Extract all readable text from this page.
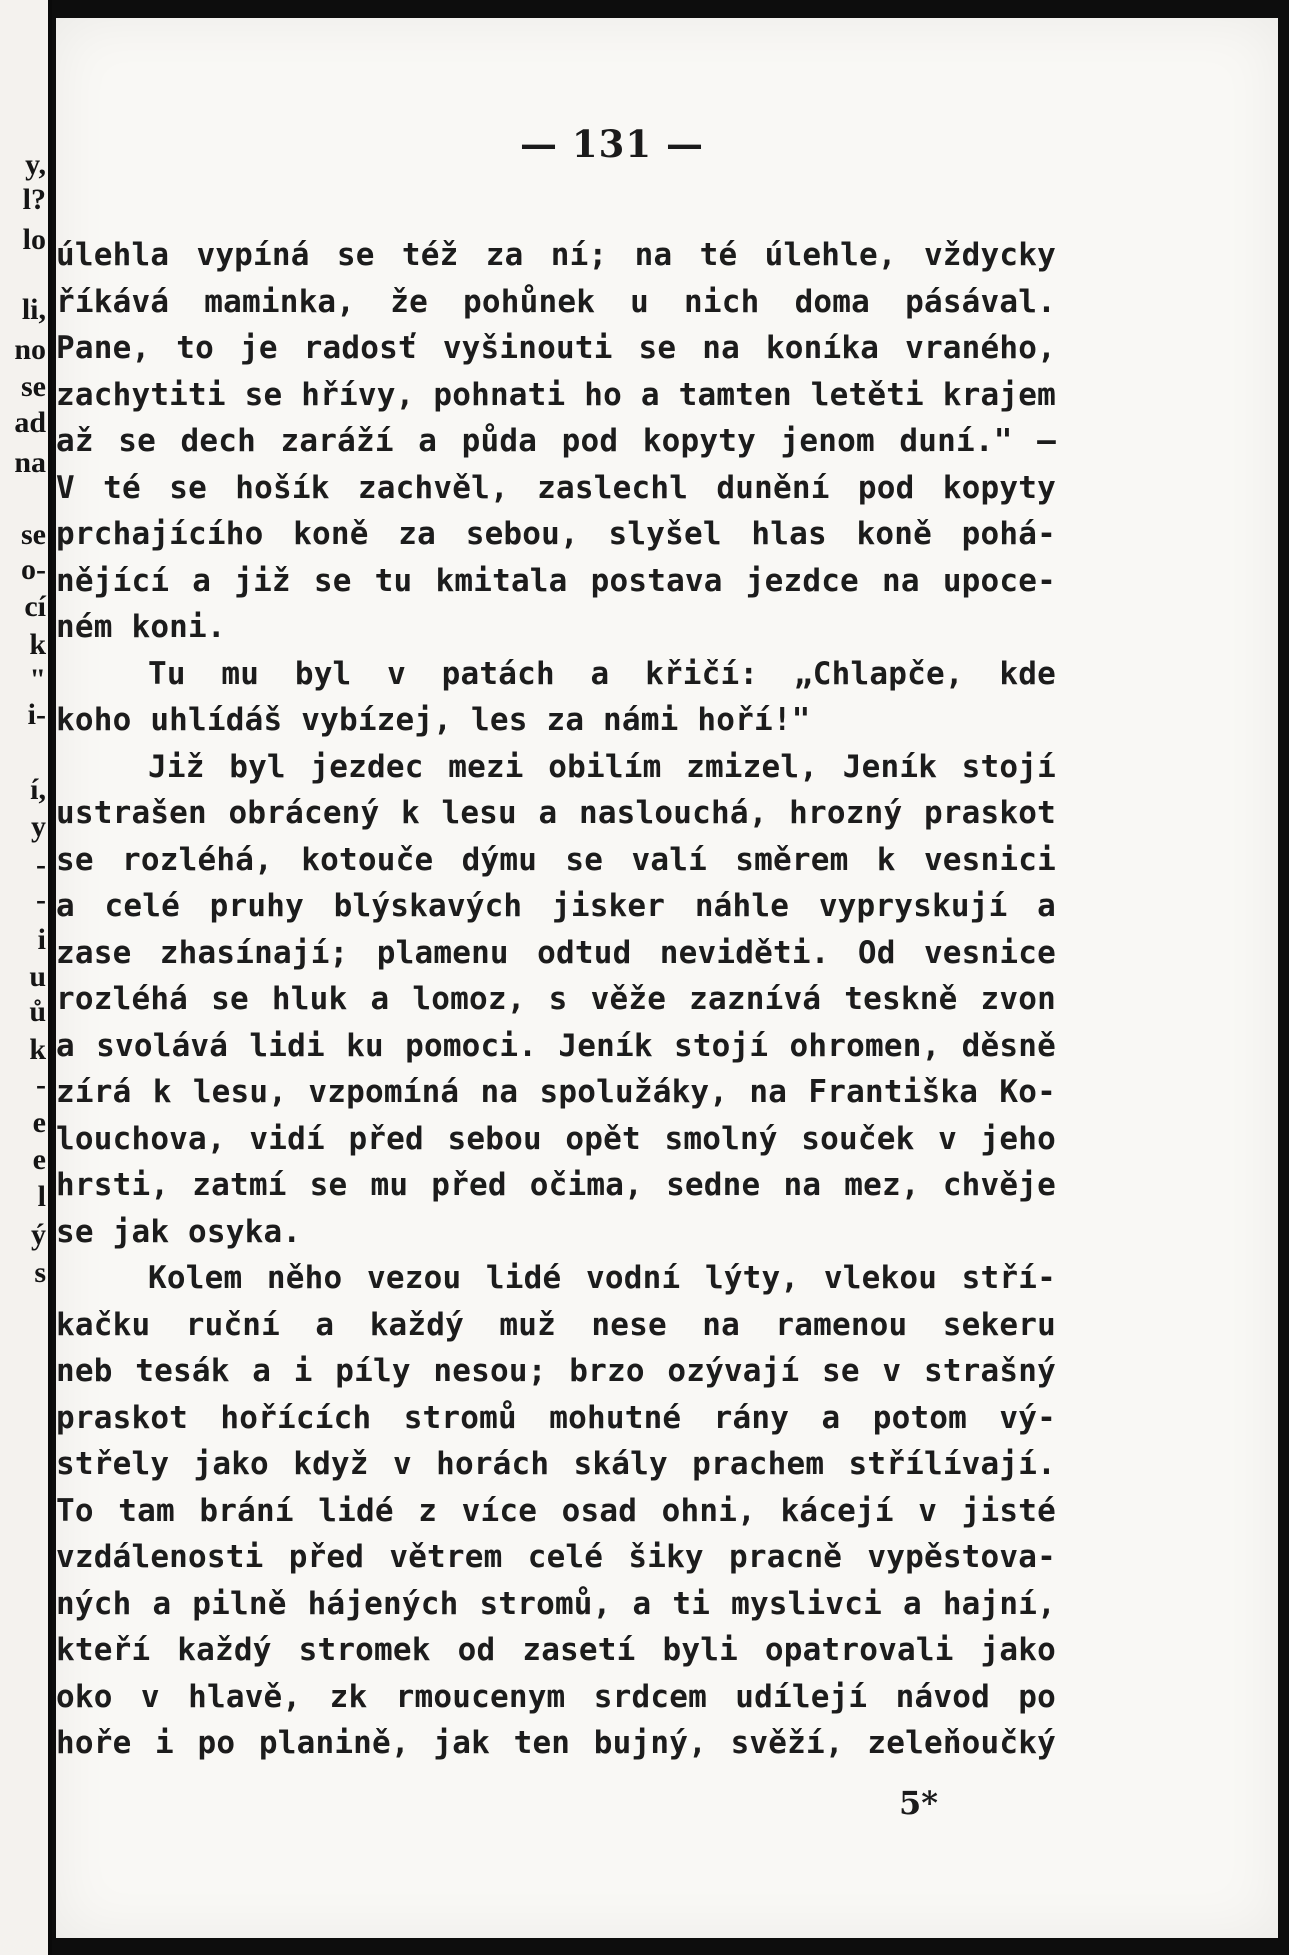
y,
l?
lo
li,
no
se
ad
na
se
o-
cí
k
"
i-
í,
y
-
-
i
u
ů
k
-
e
e
l
ý
s
— 131 —
úlehla vypíná se též za ní; na té úlehle, vždycky
říkává maminka, že pohůnek u nich doma pásával.
Pane, to je radosť vyšinouti se na koníka vraného,
zachytiti se hřívy, pohnati ho a tamten letěti krajem
až se dech zaráží a půda pod kopyty jenom duní." —
V té se hošík zachvěl, zaslechl dunění pod kopyty
prchajícího koně za sebou, slyšel hlas koně pohá-
nějící a již se tu kmitala postava jezdce na upoce-
ném koni.
Tu mu byl v patách a křičí: „Chlapče, kde
koho uhlídáš vybízej, les za námi hoří!"
Již byl jezdec mezi obilím zmizel, Jeník stojí
ustrašen obrácený k lesu a naslouchá, hrozný praskot
se rozléhá, kotouče dýmu se valí směrem k vesnici
a celé pruhy blýskavých jisker náhle vypryskují a
zase zhasínají; plamenu odtud neviděti. Od vesnice
rozléhá se hluk a lomoz, s věže zaznívá teskně zvon
a svolává lidi ku pomoci. Jeník stojí ohromen, děsně
zírá k lesu, vzpomíná na spolužáky, na Františka Ko-
louchova, vidí před sebou opět smolný souček v jeho
hrsti, zatmí se mu před očima, sedne na mez, chvěje
se jak osyka.
Kolem něho vezou lidé vodní lýty, vlekou stří-
kačku ruční a každý muž nese na ramenou sekeru
neb tesák a i píly nesou; brzo ozývají se v strašný
praskot hořících stromů mohutné rány a potom vý-
střely jako když v horách skály prachem střílívají.
To tam brání lidé z více osad ohni, kácejí v jisté
vzdálenosti před větrem celé šiky pracně vypěstova-
ných a pilně hájených stromů, a ti myslivci a hajní,
kteří každý stromek od zasetí byli opatrovali jako
oko v hlavě, zk rmoucenym srdcem udílejí návod po
hoře i po planině, jak ten bujný, svěží, zeleňoučký
5*
